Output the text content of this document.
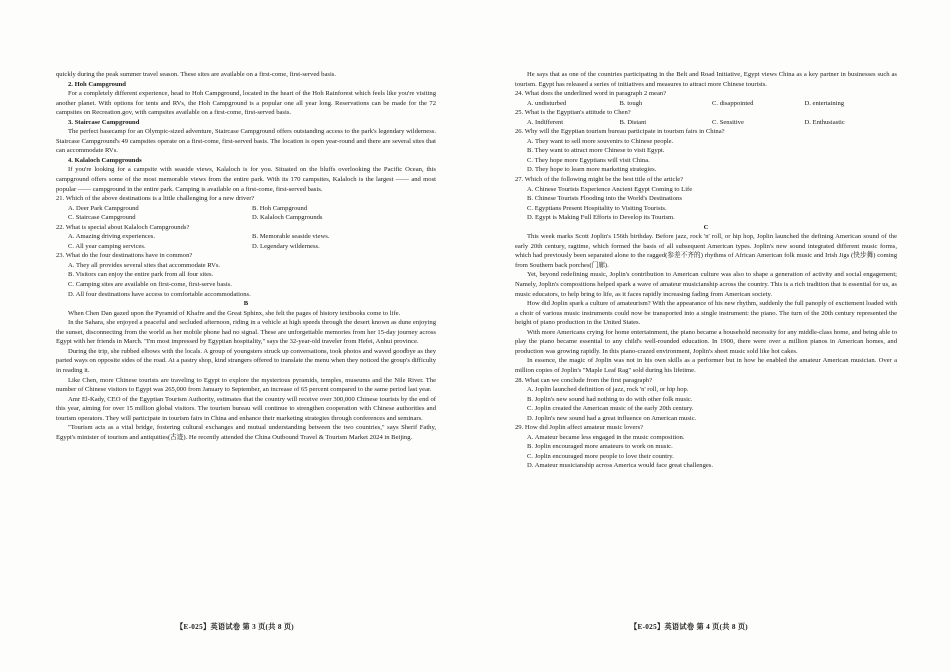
quickly during the peak summer travel season. These sites are available on a first-come, first-served basis.

2. Hoh Campground

For a completely different experience, head to Hoh Campground, located in the heart of the Hoh Rainforest which feels like you're visiting another planet. With options for tents and RVs, the Hoh Campground is a popular one all year long. Reservations can be made for the 72 campsites on Recreation.gov, with campsites available on a first-come, first-served basis.

3. Staircase Campground

The perfect basecamp for an Olympic-sized adventure, Staircase Campground offers outstanding access to the park's legendary wilderness. Staircase Campground's 49 campsites operate on a first-come, first-served basis. The location is open year-round and there are several sites that can accommodate RVs.

4. Kalaloch Campgrounds

If you're looking for a campsite with seaside views, Kalaloch is for you. Situated on the bluffs overlooking the Pacific Ocean, this campground offers some of the most memorable views from the entire park. With its 170 campsites, Kalaloch is the largest —— and most popular —— campground in the entire park. Camping is available on a first-come, first-served basis.

21. Which of the above destinations is a little challenging for a new driver?

A. Deer Park Campground	B. Hoh Campground
C. Staircase Campground	D. Kalaloch Campgrounds

22. What is special about Kalaloch Campgrounds?

A. Amazing driving experiences.	B. Memorable seaside views.
C. All year camping services.	D. Legendary wilderness.

23. What do the four destinations have in common?

A. They all provides several sites that accommodate RVs.

B. Visitors can enjoy the entire park from all four sites.

C. Camping sites are available on first-come, first-serve basis.

D. All four destinations have access to comfortable accommodations.

B

When Chen Dan gazed upon the Pyramid of Khafre and the Great Sphinx, she felt the pages of history textbooks come to life.

In the Sahara, she enjoyed a peaceful and secluded afternoon, riding in a vehicle at high speeds through the desert known as dune enjoying the sunset, disconnecting from the world as her mobile phone had no signal. These are unforgettable memories from her 15-day journey across Egypt with her friends in March. "I'm most impressed by Egyptian hospitality," says the 32-year-old traveler from Hefei, Anhui province.

During the trip, she rubbed elbows with the locals. A group of youngsters struck up conversations, took photos and waved goodbye as they parted ways on opposite sides of the road. At a pastry shop, kind strangers offered to translate the menu when they noticed the group's difficulty in reading it.

Like Chen, more Chinese tourists are traveling to Egypt to explore the mysterious pyramids, temples, museums and the Nile River. The number of Chinese visitors to Egypt was 265,000 from January to September, an increase of 65 percent compared to the same period last year.

Amr El-Kady, CEO of the Egyptian Tourism Authority, estimates that the country will receive over 300,000 Chinese tourists by the end of this year, aiming for over 15 million global visitors. The tourism bureau will continue to strengthen cooperation with Chinese authorities and tourism operators. They will participate in tourism fairs in China and enhance their marketing strategies through conferences and seminars.

"Tourism acts as a vital bridge, fostering cultural exchanges and mutual understanding between the two countries," says Sherif Fathy, Egypt's minister of tourism and antiquities(古迹). He recently attended the China Outbound Travel & Tourism Market 2024 in Beijing.

【E-025】英语试卷 第 3 页(共 8 页)

He says that as one of the countries participating in the Belt and Road Initiative, Egypt views China as a key partner in businesses such as tourism. Egypt has released a series of initiatives and measures to attract more Chinese tourists.

24. What does the underlined word in paragraph 2 mean?

A. undisturbed	B. tough	C. disappointed	D. entertaining

25. What is the Egyptian's attitude to Chen?

A. Indifferent	B. Distant	C. Sensitive	D. Enthusiastic

26. Why will the Egyptian tourism bureau participate in tourism fairs in China?

A. They want to sell more souvenirs to Chinese people.

B. They want to attract more Chinese to visit Egypt.

C. They hope more Egyptians will visit China.

D. They hope to learn more marketing strategies.

27. Which of the following might be the best title of the article?

A. Chinese Tourists Experience Ancient Egypt Coming to Life

B. Chinese Tourists Flooding into the World's Destinations

C. Egyptians Present Hospitality to Visiting Tourists.

D. Egypt is Making Full Efforts to Develop its Tourism.

C

This week marks Scott Joplin's 156th birthday. Before jazz, rock 'n' roll, or hip hop, Joplin launched the defining American sound of the early 20th century, ragtime, which formed the basis of all subsequent American types. Joplin's new sound integrated different music forms, which had previously been separated alone to the ragged(参差不齐的) rhythms of African American folk music and Irish Jigs (快步舞) coming from Southern back porches(门廊).

Yet, beyond redefining music, Joplin's contribution to American culture was also to shape a generation of activity and social engagement; Namely, Joplin's compositions helped spark a wave of amateur musicianship across the country. This is a rich tradition that is essential for us, as music educators, to help bring to life, as it faces rapidly increasing fading from American society.

How did Joplin spark a culture of amateurism? With the appearance of his new rhythm, suddenly the full panoply of excitement loaded with a choir of various music instruments could now be transported into a single instrument: the piano. The turn of the 20th century represented the height of piano production in the United States.

With more Americans crying for home entertainment, the piano became a household necessity for any middle-class home, and being able to play the piano became essential to any child's well-rounded education. In 1900, there were over a million pianos in American homes, and production was growing rapidly. In this piano-crazed environment, Joplin's sheet music sold like hot cakes.

In essence, the magic of Joplin was not in his own skills as a performer but in how he enabled the amateur American musician. Over a million copies of Joplin's "Maple Leaf Rag" sold during his lifetime.

28. What can we conclude from the first paragraph?

A. Joplin launched definition of jazz, rock 'n' roll, or hip hop.

B. Joplin's new sound had nothing to do with other folk music.

C. Joplin created the American music of the early 20th century.

D. Joplin's new sound had a great influence on American music.

29. How did Joplin affect amateur music lovers?

A. Amateur became less engaged in the music composition.

B. Joplin encouraged more amateurs to work on music.

C. Joplin encouraged more people to love their country.

D. Amateur musicianship across America would face great challenges.

【E-025】英语试卷 第 4 页(共 8 页)
